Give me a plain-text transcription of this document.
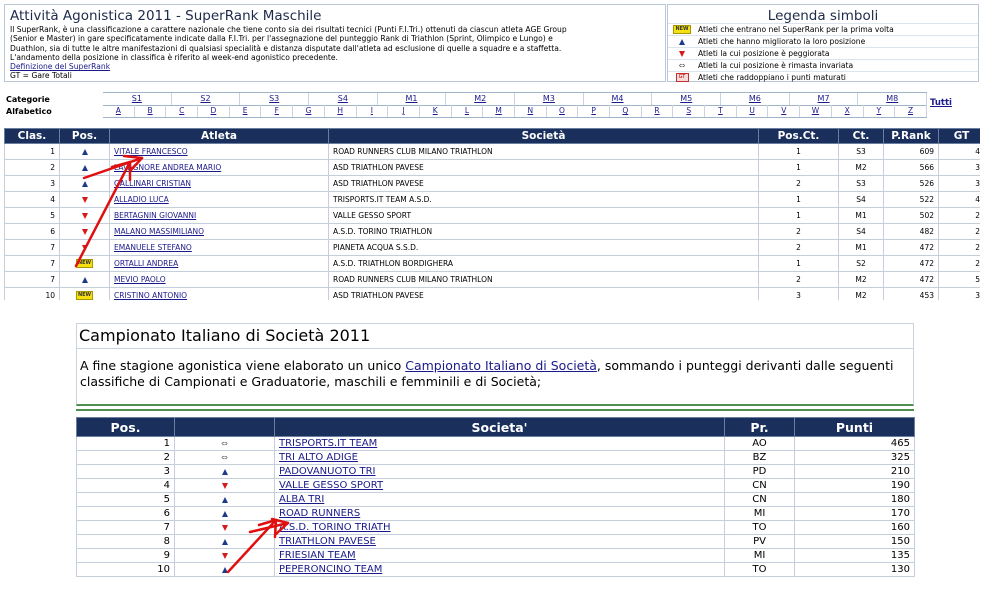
Attività Agonistica 2011 - SuperRank Maschile

Il SuperRank, è una classificazione a carattere nazionale che tiene conto sia dei risultati tecnici (Punti F.I.Tri.) ottenuti da ciascun atleta AGE Group

(Senior e Master) in gare specificatamente indicate dalla F.I.Tri. per l'assegnazione del punteggio Rank di Triathlon (Sprint, Olimpico e Lungo) e

Duathlon, sia di tutte le altre manifestazioni di qualsiasi specialità e distanza disputate dall'atleta ad esclusione di quelle a squadre e a staffetta.

L'andamento della posizione in classifica è riferito al week-end agonistico precedente.

Definizione del SuperRank

GT = Gare Totali

Legenda simboli
NEW Atleti che entrano nel SuperRank per la prima volta
Atleti che hanno migliorato la loro posizione
Atleti la cui posizione è peggiorata
⇔ Atleti la cui posizione è rimasta invariata
GT	Atleti che raddoppiano i punti maturati
Categorie
Alfabetico
S1	S2	S3	S4	M1	M2	M3	M4	M5	M6	M7	M8
A	B	C	D	E	F	G	H	I	J	K	L	M	N	O	P	Q	R	S	T	U	V	W	X	Y	Z
Tutti
Clas.	Pos.	Atleta	Società	Pos.Ct.	Ct.	P.Rank	GT
1		VITALE FRANCESCO	ROAD RUNNERS CLUB MILANO TRIATHLON	1	S3	609	4
2		LAVAGNORE ANDREA MARIO	ASD TRIATHLON PAVESE	1	M2	566	3
3		GALLINARI CRISTIAN	ASD TRIATHLON PAVESE	2	S3	526	3
4		ALLADIO LUCA	TRISPORTS.IT TEAM A.S.D.	1	S4	522	4
5		BERTAGNIN GIOVANNI	VALLE GESSO SPORT	1	M1	502	2
6		MALANO MASSIMILIANO	A.S.D. TORINO TRIATHLON	2	S4	482	2
7		EMANUELE STEFANO	PIANETA ACQUA S.S.D.	2	M1	472	2
7	NEW	ORTALLI ANDREA	A.S.D. TRIATHLON BORDIGHERA	1	S2	472	2
7		MEVIO PAOLO	ROAD RUNNERS CLUB MILANO TRIATHLON	2	M2	472	5
10	NEW	CRISTINO ANTONIO	ASD TRIATHLON PAVESE	3	M2	453	3
Campionato Italiano di Società 2011

A fine stagione agonistica viene elaborato un unico Campionato Italiano di Società, sommando i punteggi derivanti dalle seguenti classifiche di Campionati e Graduatorie, maschili e femminili e di Società;

Pos.		Societa'	Pr.	Punti
1	⇔	TRISPORTS.IT TEAM	AO	465
2	⇔	TRI ALTO ADIGE	BZ	325
3		PADOVANUOTO TRI	PD	210
4		VALLE GESSO SPORT	CN	190
5		ALBA TRI	CN	180
6		ROAD RUNNERS	MI	170
7		A.S.D. TORINO TRIATH	TO	160
8		TRIATHLON PAVESE	PV	150
9		FRIESIAN TEAM	MI	135
10		PEPERONCINO TEAM	TO	130
